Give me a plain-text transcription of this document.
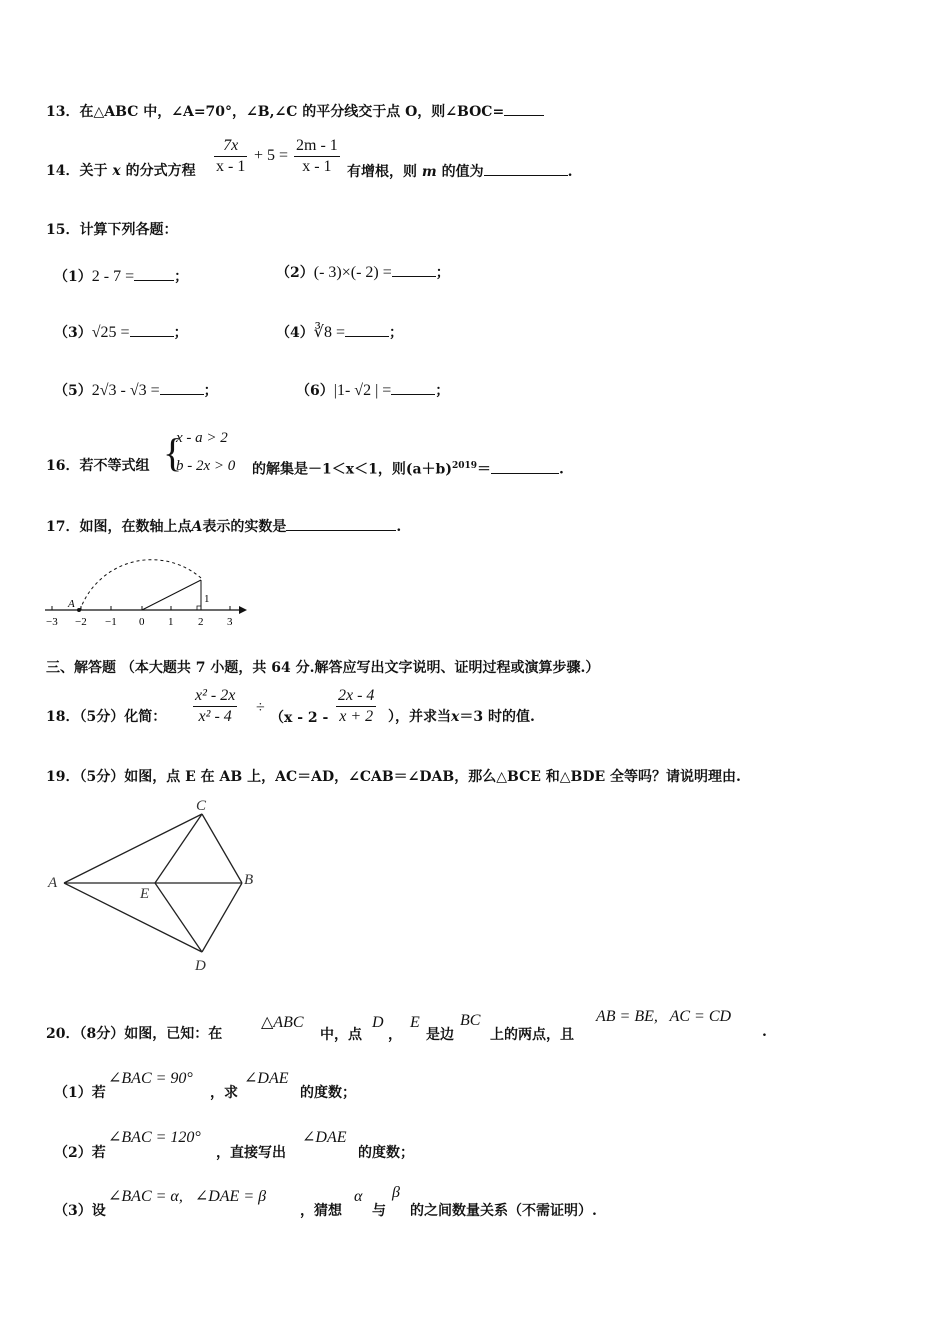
13．在△ABC 中，∠A=70°，∠B,∠C 的平分线交于点 O，则∠BOC=
14．关于 x 的分式方程 $\frac{7x}{x - 1} + 5 = \frac{2m - 1}{x - 1}$ 有增根，则 m 的值为	.
15．计算下列各题：
（1）2 - 7 =	；	（2）(- 3)×(- 2) =	；
（3）√25 =	；	（4）∛8 =	；
（5）2√3 - √3 =	；	（6）|1- √2 | =	；
16．若不等式组 {
x - a > 2
b - 2x > 0 的解集是－1＜x＜1，则$(a+b)^{2019}=$	.
17．如图，在数轴上点A表示的实数是	.
A	1
−3 −2 −1 0 1 2 3
三、解答题 （本大题共 7 小题，共 64 分.解答应写出文字说明、证明过程或演算步骤.）
18．（5分）化简： $\frac{\text{x² - 2x}}{\text{x² - 4}}$ ÷
（$x - 2 - \frac{2x - 4}{x + 2}$ ），并求当x＝3 时的值.
19．（5分）如图，点 E 在 AB 上，AC＝AD，∠CAB＝∠DAB，那么△BCE 和△BDE 全等吗？请说明理由.
A	B
C
D
E
20．（8分）如图，已知：在
△ABC
中，点
D
，
E
是边
BC
上的两点，且
AB = BE,   AC = CD
.
（1）若
∠BAC = 90°
，求
∠DAE
的度数；
（2）若
∠BAC = 120°
，直接写出
∠DAE
的度数；
（3）设
∠BAC = α,   ∠DAE = β
，猜想
α
与
β
的之间数量关系（不需证明）.
